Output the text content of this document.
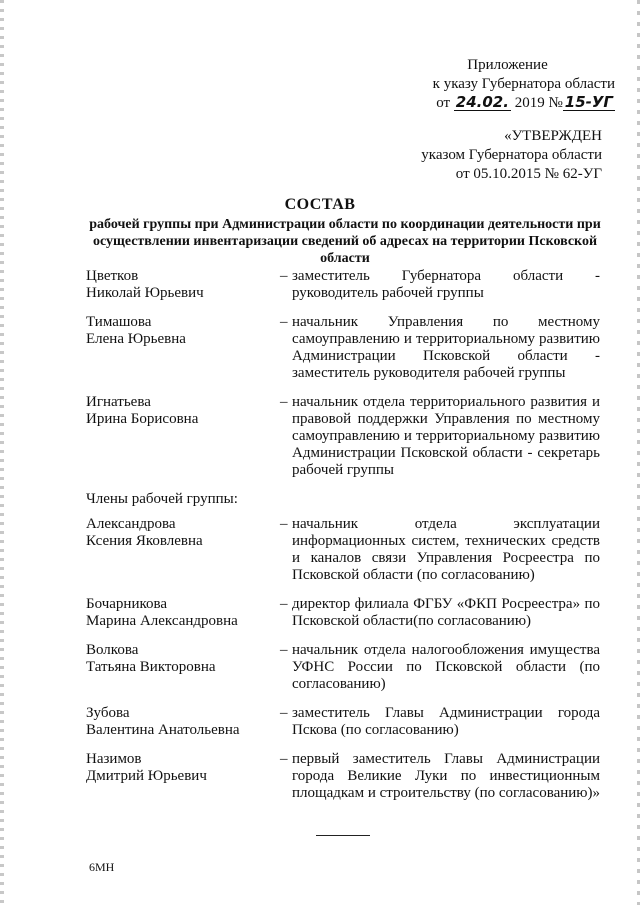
Приложение
к указу Губернатора области
от 24.02. 2019 № 15-УГ
«УТВЕРЖДЕН
указом Губернатора области
от 05.10.2015 № 62-УГ
СОСТАВ
рабочей группы при Администрации области по координации деятельности при осуществлении инвентаризации сведений об адресах на территории Псковской области
Цветков
Николай Юрьевич
– заместитель Губернатора области - руководитель рабочей группы
Тимашова
Елена Юрьевна
– начальник Управления по местному самоуправлению и территориальному развитию Администрации Псковской области - заместитель руководителя рабочей группы
Игнатьева
Ирина Борисовна
– начальник отдела территориального развития и правовой поддержки Управления по местному самоуправлению и территориальному развитию Администрации Псковской области - секретарь рабочей группы
Члены рабочей группы:
Александрова
Ксения Яковлевна
– начальник отдела эксплуатации информационных систем, технических средств и каналов связи Управления Росреестра по Псковской области (по согласованию)
Бочарникова
Марина Александровна
– директор филиала ФГБУ «ФКП Росреестра» по Псковской области(по согласованию)
Волкова
Татьяна Викторовна
– начальник отдела налогообложения имущества УФНС России по Псковской области (по согласованию)
Зубова
Валентина Анатольевна
– заместитель Главы Администрации города Пскова (по согласованию)
Назимов
Дмитрий Юрьевич
– первый заместитель Главы Администрации города Великие Луки по инвестиционным площадкам и строительству (по согласованию)»
6МН
